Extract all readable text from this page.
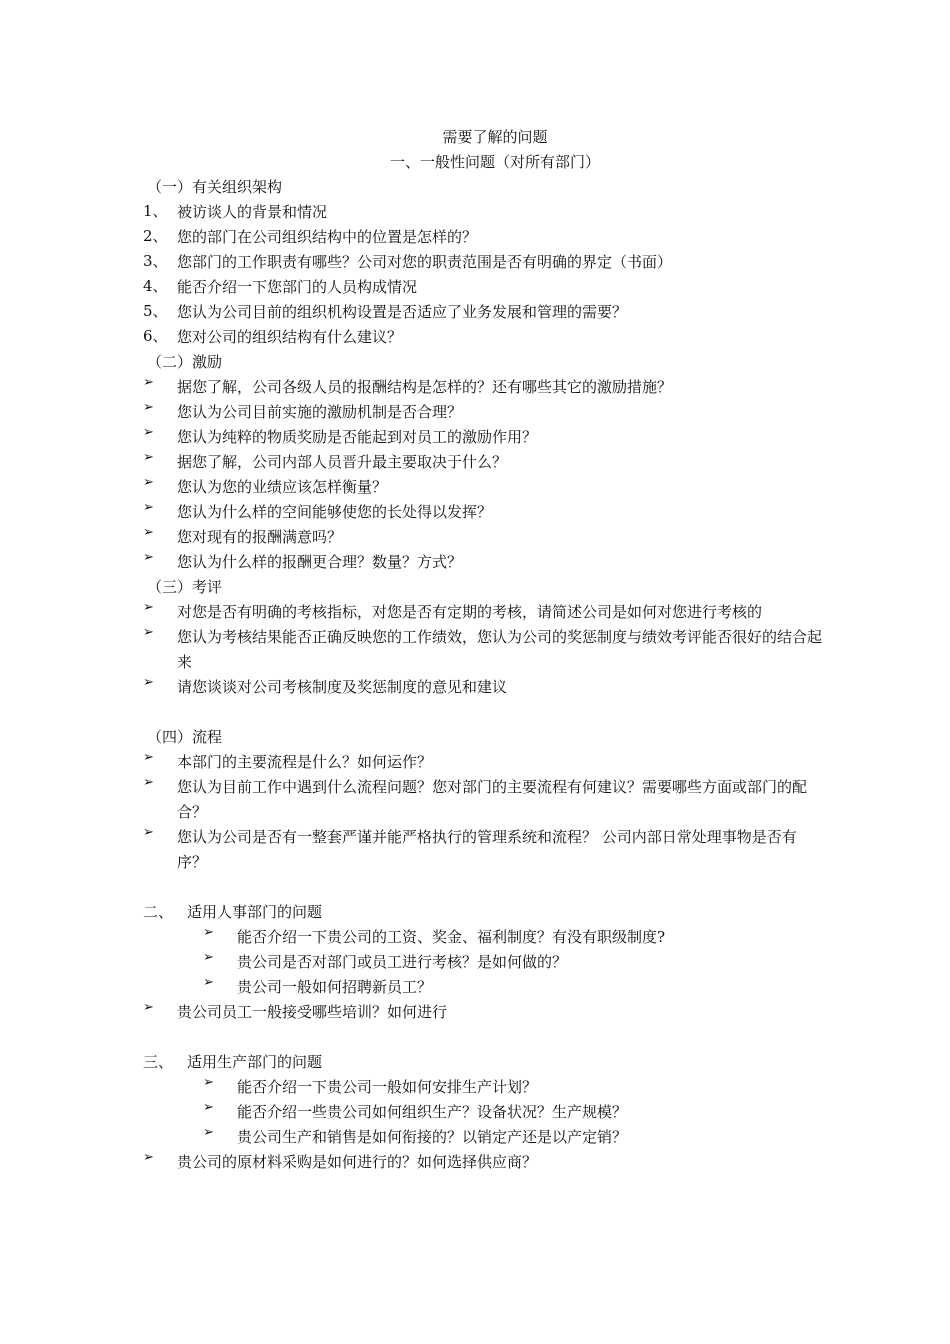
需要了解的问题
一、一般性问题（对所有部门）
（一）有关组织架构
1、 被访谈人的背景和情况
2、 您的部门在公司组织结构中的位置是怎样的？
3、 您部门的工作职责有哪些？公司对您的职责范围是否有明确的界定（书面）
4、 能否介绍一下您部门的人员构成情况
5、 您认为公司目前的组织机构设置是否适应了业务发展和管理的需要？
6、 您对公司的组织结构有什么建议？
（二）激励
➢	据您了解，公司各级人员的报酬结构是怎样的？还有哪些其它的激励措施？
➢	您认为公司目前实施的激励机制是否合理？
➢	您认为纯粹的物质奖励是否能起到对员工的激励作用？
➢	据您了解，公司内部人员晋升最主要取决于什么？
➢	您认为您的业绩应该怎样衡量？
➢	您认为什么样的空间能够使您的长处得以发挥？
➢	您对现有的报酬满意吗？
➢	您认为什么样的报酬更合理？数量？方式？
（三）考评
➢	对您是否有明确的考核指标，对您是否有定期的考核，请简述公司是如何对您进行考核的
➢	您认为考核结果能否正确反映您的工作绩效，您认为公司的奖惩制度与绩效考评能否很好的结合起来
➢	请您谈谈对公司考核制度及奖惩制度的意见和建议
（四）流程
➢	本部门的主要流程是什么？如何运作？
➢	您认为目前工作中遇到什么流程问题？您对部门的主要流程有何建议？需要哪些方面或部门的配合？
➢	您认为公司是否有一整套严谨并能严格执行的管理系统和流程？ 公司内部日常处理事物是否有序？
二、 适用人事部门的问题
➢	能否介绍一下贵公司的工资、奖金、福利制度？有没有职级制度?
➢	贵公司是否对部门或员工进行考核？是如何做的？
➢	贵公司一般如何招聘新员工？
➢	贵公司员工一般接受哪些培训？如何进行
三、 适用生产部门的问题
➢	能否介绍一下贵公司一般如何安排生产计划？
➢	能否介绍一些贵公司如何组织生产？设备状况？生产规模？
➢	贵公司生产和销售是如何衔接的？以销定产还是以产定销？
➢	贵公司的原材料采购是如何进行的？如何选择供应商？
